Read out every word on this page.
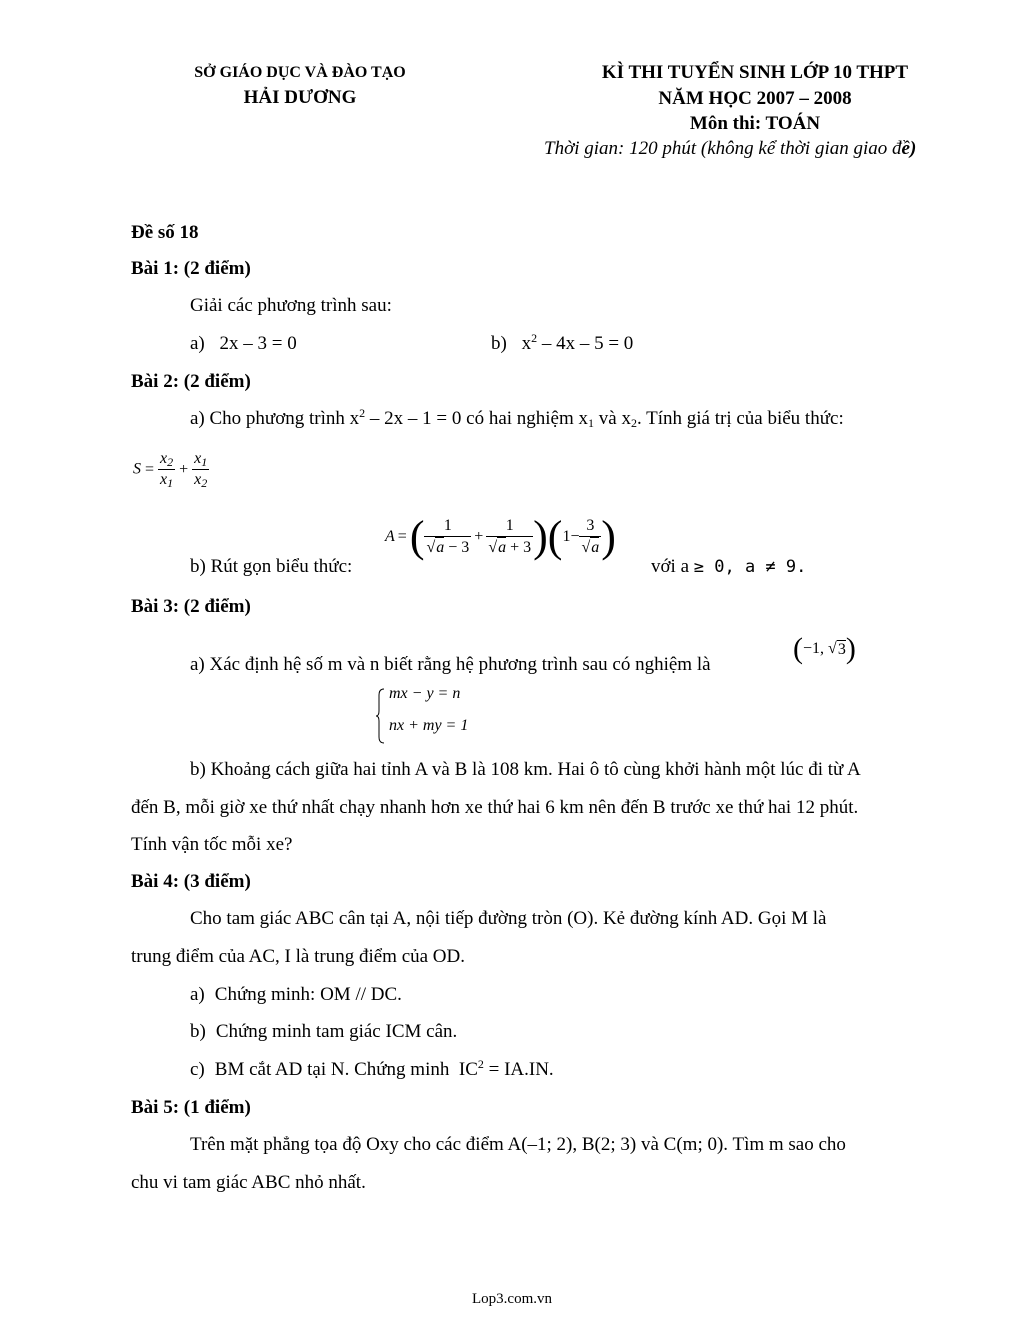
SỞ GIÁO DỤC VÀ ĐÀO TẠO
HẢI DƯƠNG
KÌ THI TUYỂN SINH LỚP 10 THPT
NĂM HỌC 2007 – 2008
Môn thi: TOÁN
Thời gian: 120 phút (không kể thời gian giao đề)
Đề số 18
Bài 1: (2 điểm)
Giải các phương trình sau:
a) 2x – 3 = 0	b) $x^2 - 4x - 5 = 0$
Bài 2: (2 điểm)
a) Cho phương trình $x^2 - 2x - 1 = 0$ có hai nghiệm $x_1$ và $x_2$. Tính giá trị của biểu thức:
$S = \frac{x_2}{x_1} + \frac{x_1}{x_2}$
A =( $\frac{1}{√a - 3} + \frac{1}{√a + 3} )(1- \frac{3}{√a}$ )
b) Rút gọn biểu thức:	với a ≥ 0, a ≠ 9.
Bài 3: (2 điểm)
a) Xác định hệ số m và n biết rằng hệ phương trình sau có nghiệm là	(−1, √3)
mx − y = n
nx + my = 1
b) Khoảng cách giữa hai tỉnh A và B là 108 km. Hai ô tô cùng khởi hành một lúc đi từ A
đến B, mỗi giờ xe thứ nhất chạy nhanh hơn xe thứ hai 6 km nên đến B trước xe thứ hai 12 phút.
Tính vận tốc mỗi xe?
Bài 4: (3 điểm)
Cho tam giác ABC cân tại A, nội tiếp đường tròn (O). Kẻ đường kính AD. Gọi M là
trung điểm của AC, I là trung điểm của OD.
a) Chứng minh: OM // DC.
b) Chứng minh tam giác ICM cân.
c) BM cắt AD tại N. Chứng minh  $IC^2 = IA.IN$.
Bài 5: (1 điểm)
Trên mặt phẳng tọa độ Oxy cho các điểm A(–1; 2), B(2; 3) và C(m; 0). Tìm m sao cho
chu vi tam giác ABC nhỏ nhất.
Lop3.com.vn
